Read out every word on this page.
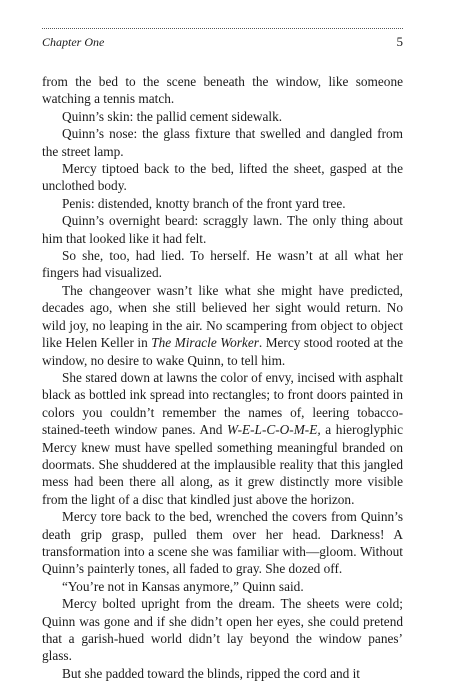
Chapter One	5

from the bed to the scene beneath the window, like someone watching a tennis match.

Quinn’s skin: the pallid cement sidewalk.

Quinn’s nose: the glass fixture that swelled and dangled from the street lamp.

Mercy tiptoed back to the bed, lifted the sheet, gasped at the unclothed body.

Penis: distended, knotty branch of the front yard tree.

Quinn’s overnight beard: scraggly lawn. The only thing about him that looked like it had felt.

So she, too, had lied. To herself. He wasn’t at all what her fingers had visualized.

The changeover wasn’t like what she might have predicted, decades ago, when she still believed her sight would return. No wild joy, no leaping in the air. No scampering from object to object like Helen Keller in The Miracle Worker. Mercy stood rooted at the window, no desire to wake Quinn, to tell him.

She stared down at lawns the color of envy, incised with asphalt black as bottled ink spread into rectangles; to front doors painted in colors you couldn’t remember the names of, leering tobacco-stained-teeth window panes. And W-E-L-C-O-M-E, a hieroglyphic Mercy knew must have spelled something meaningful branded on doormats. She shuddered at the implausible reality that this jangled mess had been there all along, as it grew distinctly more visible from the light of a disc that kindled just above the horizon.

Mercy tore back to the bed, wrenched the covers from Quinn’s death grip grasp, pulled them over her head. Darkness! A transformation into a scene she was familiar with—gloom. Without Quinn’s painterly tones, all faded to gray. She dozed off.

“You’re not in Kansas anymore,” Quinn said.

Mercy bolted upright from the dream. The sheets were cold; Quinn was gone and if she didn’t open her eyes, she could pretend that a garish-hued world didn’t lay beyond the window panes’ glass.

But she padded toward the blinds, ripped the cord and it
